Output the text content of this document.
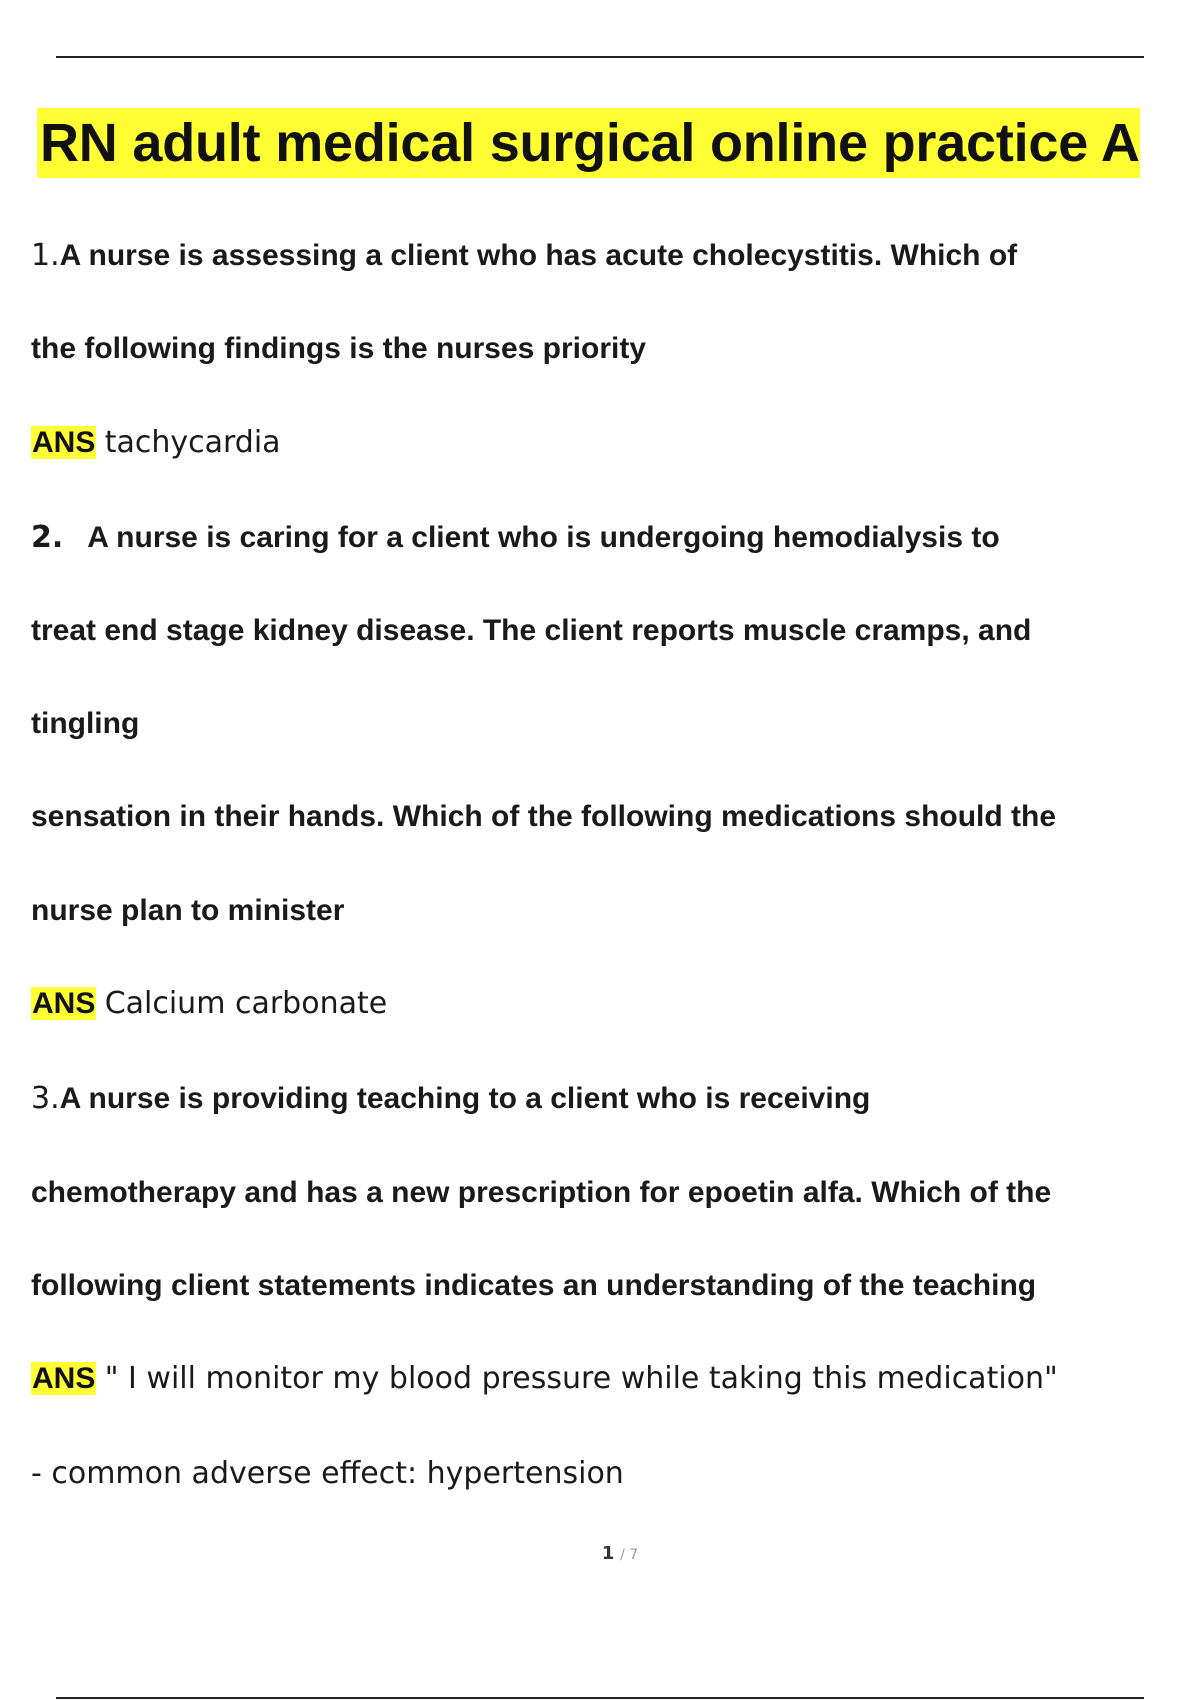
RN adult medical surgical online practice A

1.A nurse is assessing a client who has acute cholecystitis. Which of

the following findings is the nurses priority

ANS tachycardia

2. A nurse is caring for a client who is undergoing hemodialysis to

treat end stage kidney disease. The client reports muscle cramps, and

tingling

sensation in their hands. Which of the following medications should the

nurse plan to minister

ANS Calcium carbonate

3.A nurse is providing teaching to a client who is receiving

chemotherapy and has a new prescription for epoetin alfa. Which of the

following client statements indicates an understanding of the teaching

ANS " I will monitor my blood pressure while taking this medication"

- common adverse effect: hypertension

1 / 7
